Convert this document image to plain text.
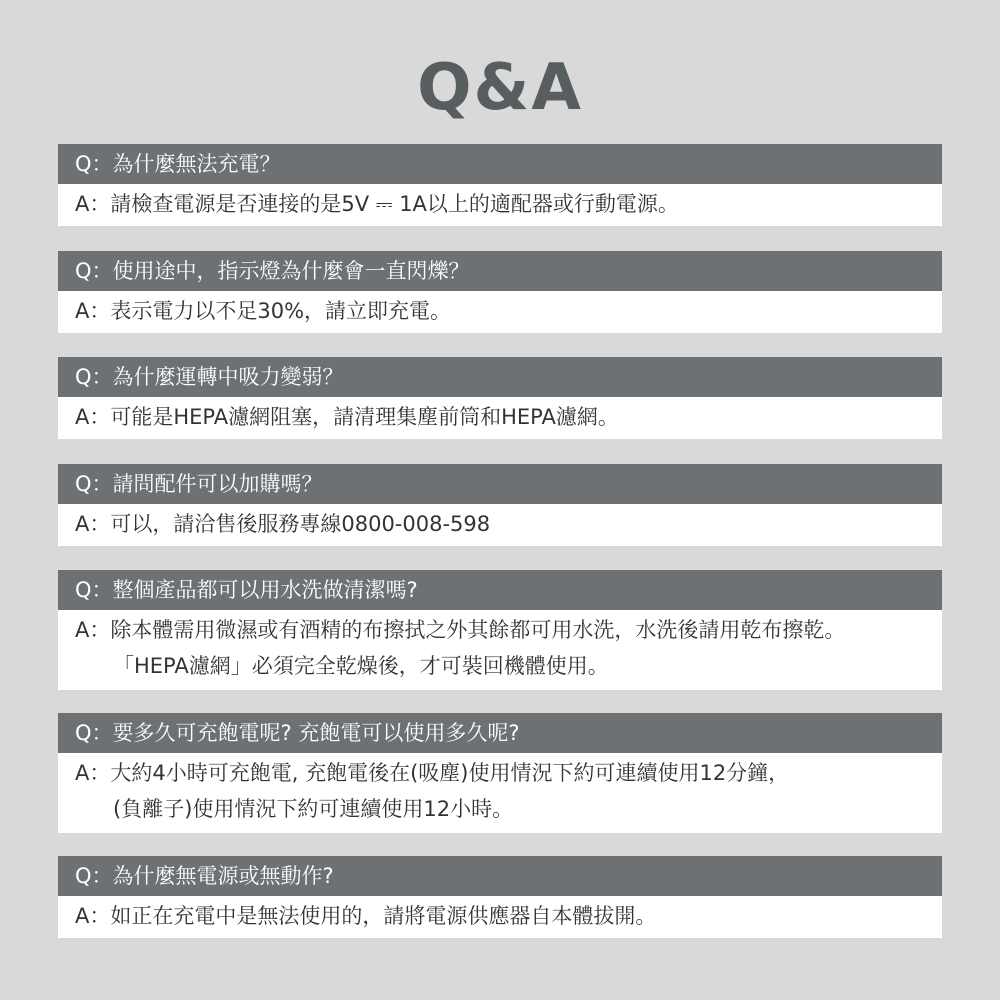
Q&A
Q：為什麼無法充電？
A：請檢查電源是否連接的是5V ⎓ 1A以上的適配器或行動電源。
Q：使用途中，指示燈為什麼會一直閃爍？
A：表示電力以不足30%，請立即充電。
Q：為什麼運轉中吸力變弱？
A：可能是HEPA濾網阻塞，請清理集塵前筒和HEPA濾網。
Q：請問配件可以加購嗎？
A：可以，請洽售後服務專線0800-008-598
Q：整個產品都可以用水洗做清潔嗎?
A：除本體需用微濕或有酒精的布擦拭之外其餘都可用水洗，水洗後請用乾布擦乾。
「HEPA濾網」必須完全乾燥後，才可裝回機體使用。
Q：要多久可充飽電呢? 充飽電可以使用多久呢?
A：大約4小時可充飽電, 充飽電後在(吸塵)使用情況下約可連續使用12分鐘，
(負離子)使用情況下約可連續使用12小時。
Q：為什麼無電源或無動作?
A：如正在充電中是無法使用的，請將電源供應器自本體拔開。
